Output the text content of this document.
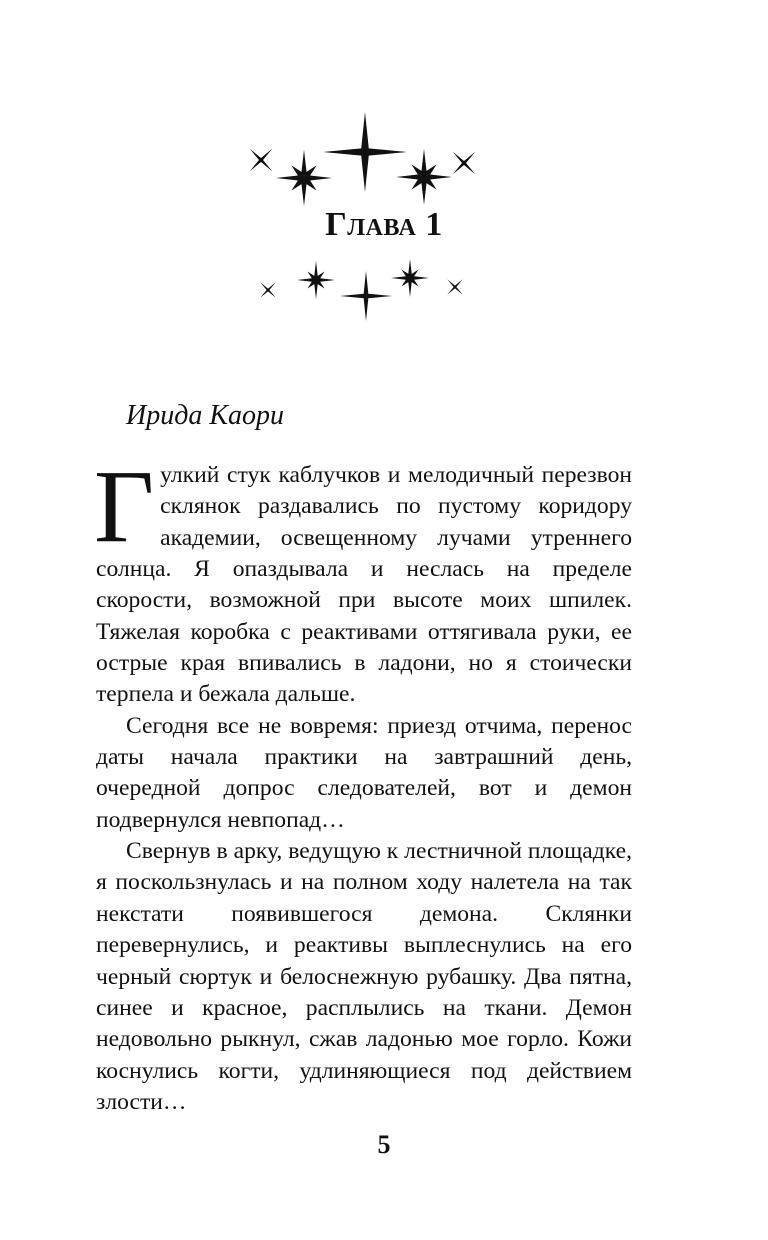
Глава 1
Ирида Каори

Гулкий стук каблучков и мелодичный перезвон склянок раздавались по пустому коридору академии, освещенному лучами утреннего солнца. Я опаздывала и неслась на пределе скорости, возможной при высоте моих шпилек. Тяжелая коробка с реактивами оттягивала руки, ее острые края впивались в ладони, но я стоически терпела и бежала дальше.

Сегодня все не вовремя: приезд отчима, перенос даты начала практики на завтрашний день, очередной допрос следователей, вот и демон подвернулся невпопад…

Свернув в арку, ведущую к лестничной площадке, я поскользнулась и на полном ходу налетела на так некстати появившегося демона. Склянки перевернулись, и реактивы выплеснулись на его черный сюртук и белоснежную рубашку. Два пятна, синее и красное, расплылись на ткани. Демон недовольно рыкнул, сжав ладонью мое горло. Кожи коснулись когти, удлиняющиеся под действием злости…

5
